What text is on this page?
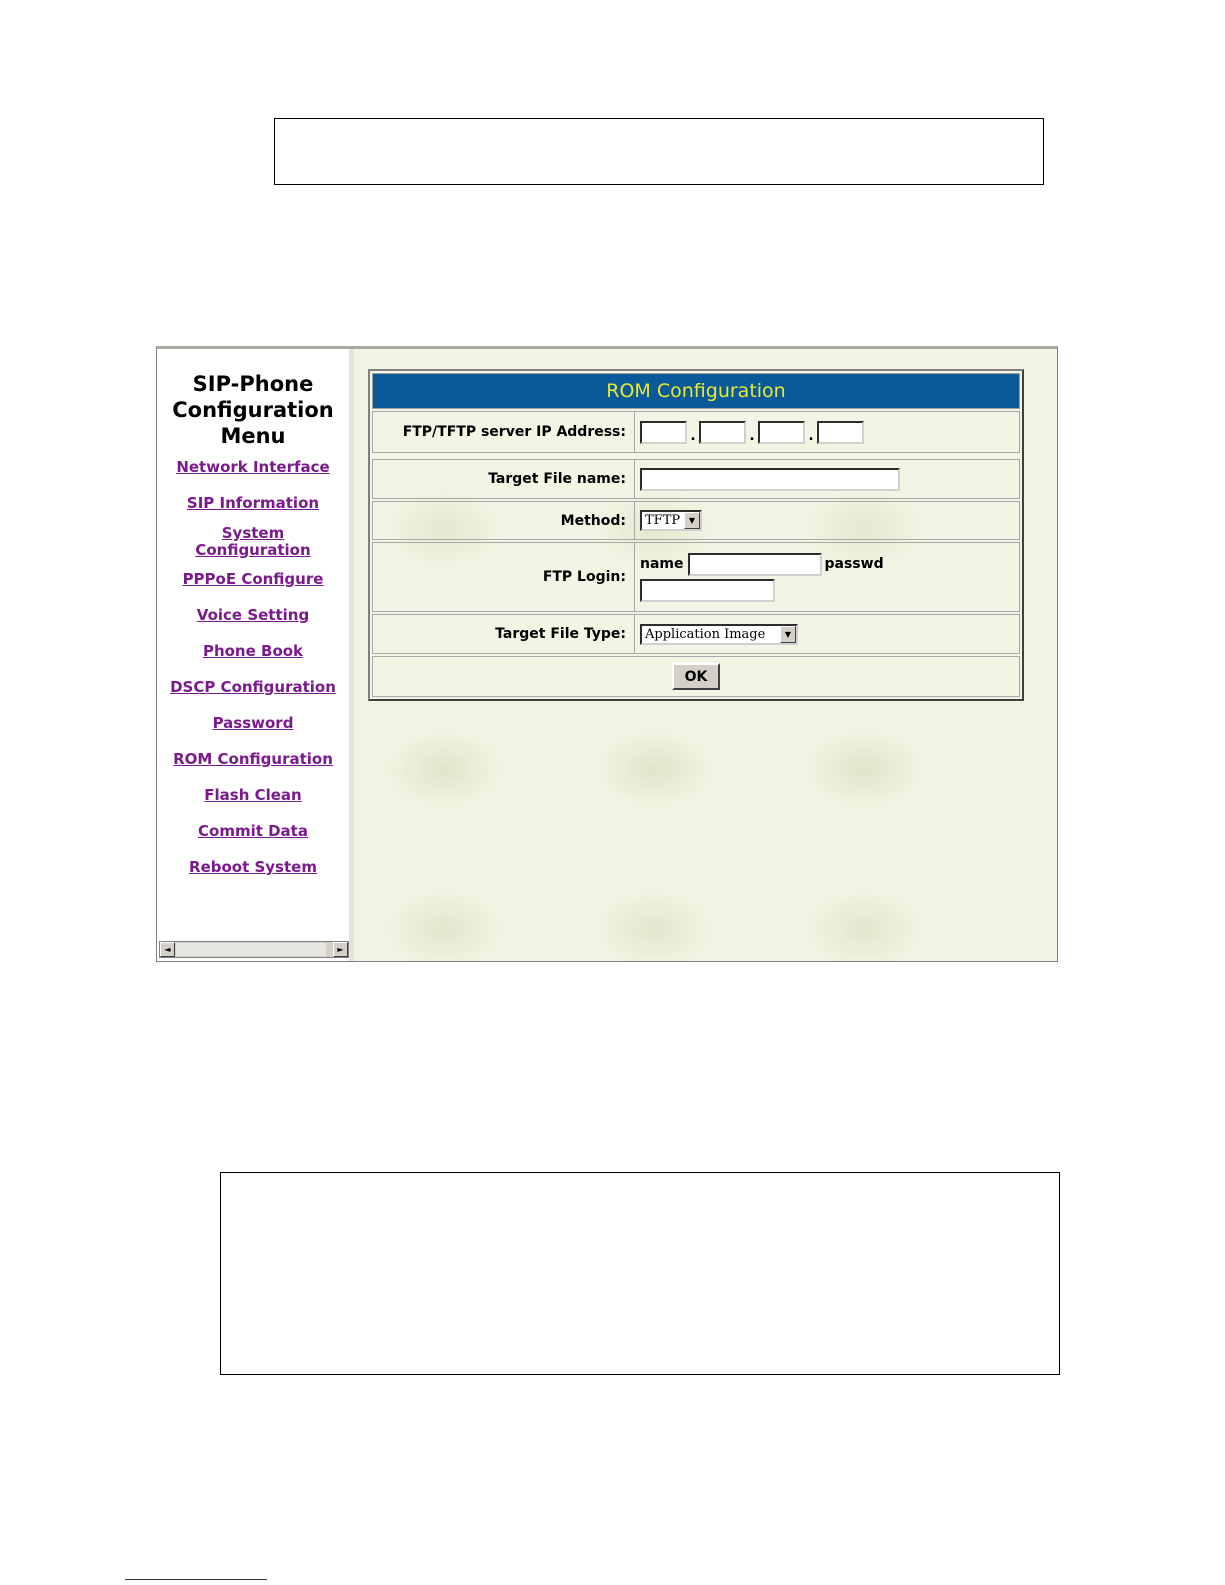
SIP-Phone
Configuration
Menu
Network Interface
SIP Information
System Configuration
PPPoE Configure
Voice Setting
Phone Book
DSCP Configuration
Password
ROM Configuration
Flash Clean
Commit Data
Reboot System
◄	►
ROM Configuration
FTP/TFTP server IP Address:	.	.	.
Target File name:
Method:	TFTP	▼
FTP Login:
name	passwd
Target File Type:	Application Image	▼
OK
